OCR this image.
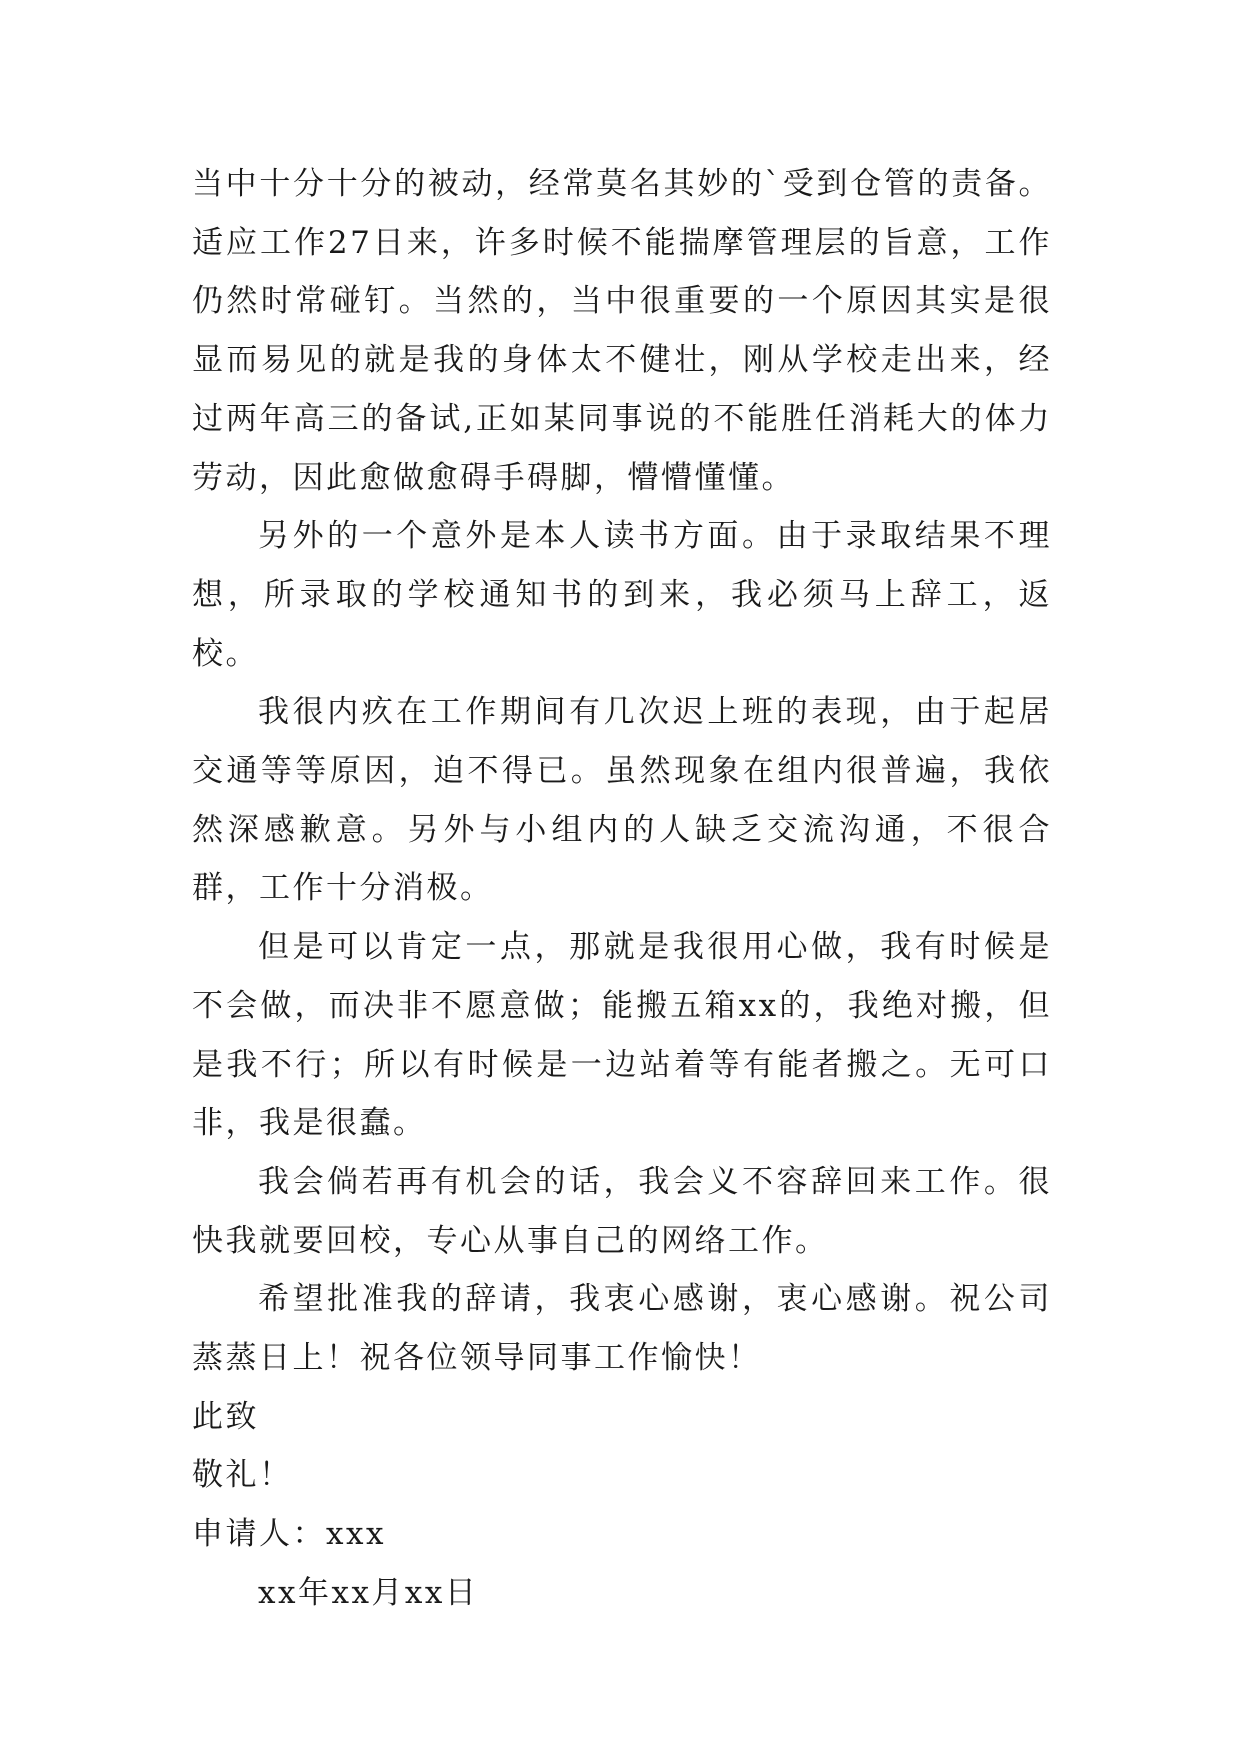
当中十分十分的被动，经常莫名其妙的`受到仓管的责备。适应工作27日来，许多时候不能揣摩管理层的旨意，工作仍然时常碰钉。当然的，当中很重要的一个原因其实是很显而易见的就是我的身体太不健壮，刚从学校走出来，经过两年高三的备试,正如某同事说的不能胜任消耗大的体力劳动，因此愈做愈碍手碍脚，懵懵懂懂。

另外的一个意外是本人读书方面。由于录取结果不理想，所录取的学校通知书的到来，我必须马上辞工，返校。

我很内疚在工作期间有几次迟上班的表现，由于起居交通等等原因，迫不得已。虽然现象在组内很普遍，我依然深感歉意。另外与小组内的人缺乏交流沟通，不很合群，工作十分消极。

但是可以肯定一点，那就是我很用心做，我有时候是不会做，而决非不愿意做；能搬五箱xx的，我绝对搬，但是我不行；所以有时候是一边站着等有能者搬之。无可口非，我是很蠢。

我会倘若再有机会的话，我会义不容辞回来工作。很快我就要回校，专心从事自己的网络工作。

希望批准我的辞请，我衷心感谢，衷心感谢。祝公司蒸蒸日上！祝各位领导同事工作愉快！

此致

敬礼！

申请人：xxx

xx年xx月xx日
